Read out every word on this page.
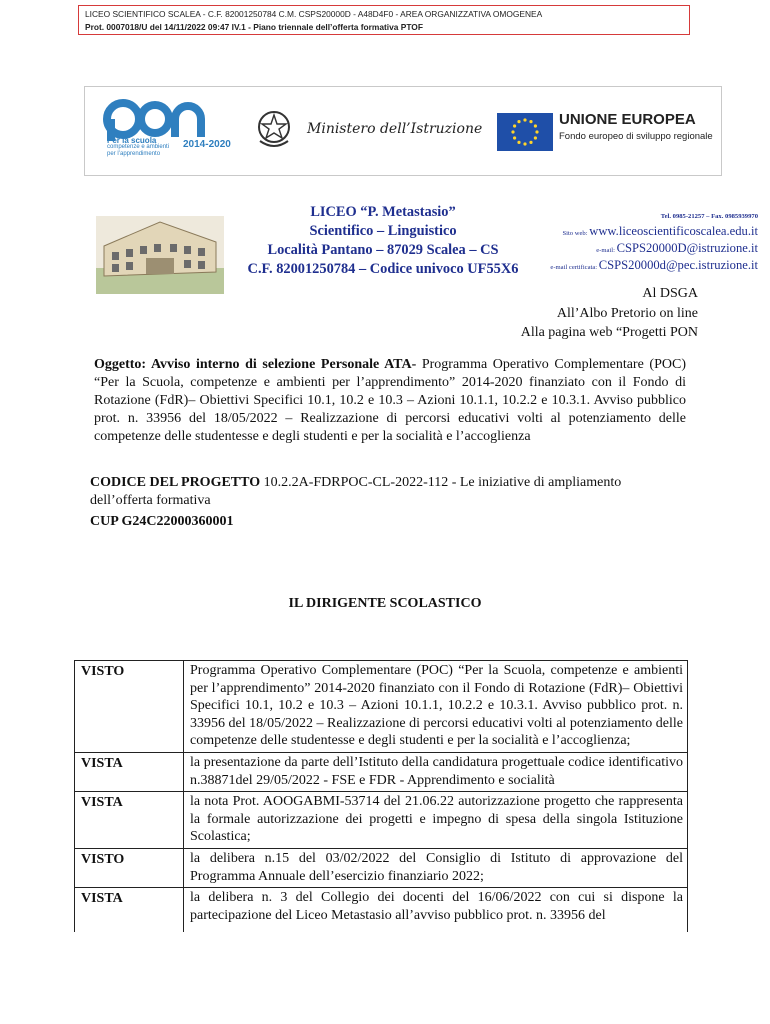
LICEO SCIENTIFICO SCALEA - C.F. 82001250784 C.M. CSPS20000D - A48D4F0 - AREA ORGANIZZATIVA OMOGENEA
Prot. 0007018/U del 14/11/2022 09:47 IV.1 - Piano triennale dell’offerta formativa PTOF
Per la scuola
competenze e ambienti
per l’apprendimento
2014-2020
Ministero dell’Istruzione
UNIONE EUROPEA
Fondo europeo di sviluppo regionale
LICEO “P. Metastasio”
Scientifico – Linguistico
Località Pantano – 87029 Scalea – CS
C.F. 82001250784 – Codice univoco UF55X6
Tel. 0985-21257 – Fax. 0985939970
Sito web: www.liceoscientificoscalea.edu.it
e-mail: CSPS20000D@istruzione.it
e-mail certificata: CSPS20000d@pec.istruzione.it
Al DSGA
All’Albo Pretorio on line
Alla pagina web “Progetti PON
Oggetto: Avviso interno di selezione Personale ATA- Programma Operativo Complementare (POC) “Per la Scuola, competenze e ambienti per l’apprendimento” 2014-2020 finanziato con il Fondo di Rotazione (FdR)– Obiettivi Specifici 10.1, 10.2 e 10.3 – Azioni 10.1.1, 10.2.2 e 10.3.1. Avviso pubblico prot. n. 33956 del 18/05/2022 – Realizzazione di percorsi educativi volti al potenziamento delle competenze delle studentesse e degli studenti e per la socialità e l’accoglienza
CODICE DEL PROGETTO 10.2.2A-FDRPOC-CL-2022-112 - Le iniziative di ampliamento dell’offerta formativa
CUP G24C22000360001
IL DIRIGENTE SCOLASTICO
VISTO	Programma Operativo Complementare (POC) “Per la Scuola, competenze e ambienti per l’apprendimento” 2014-2020 finanziato con il Fondo di Rotazione (FdR)– Obiettivi Specifici 10.1, 10.2 e 10.3 – Azioni 10.1.1, 10.2.2 e 10.3.1. Avviso pubblico prot. n. 33956 del 18/05/2022 – Realizzazione di percorsi educativi volti al potenziamento delle competenze delle studentesse e degli studenti e per la socialità e l’accoglienza;
VISTA	la presentazione da parte dell’Istituto della candidatura progettuale codice identificativo n.38871del 29/05/2022 - FSE e FDR - Apprendimento e socialità
VISTA	la nota Prot. AOOGABMI-53714 del 21.06.22 autorizzazione progetto che rappresenta la formale autorizzazione dei progetti e impegno di spesa della singola Istituzione Scolastica;
VISTO	la delibera n.15 del 03/02/2022 del Consiglio di Istituto di approvazione del Programma Annuale dell’esercizio finanziario 2022;
VISTA	la delibera n. 3 del Collegio dei docenti del 16/06/2022 con cui si dispone la partecipazione del Liceo Metastasio all’avviso pubblico prot. n. 33956 del
